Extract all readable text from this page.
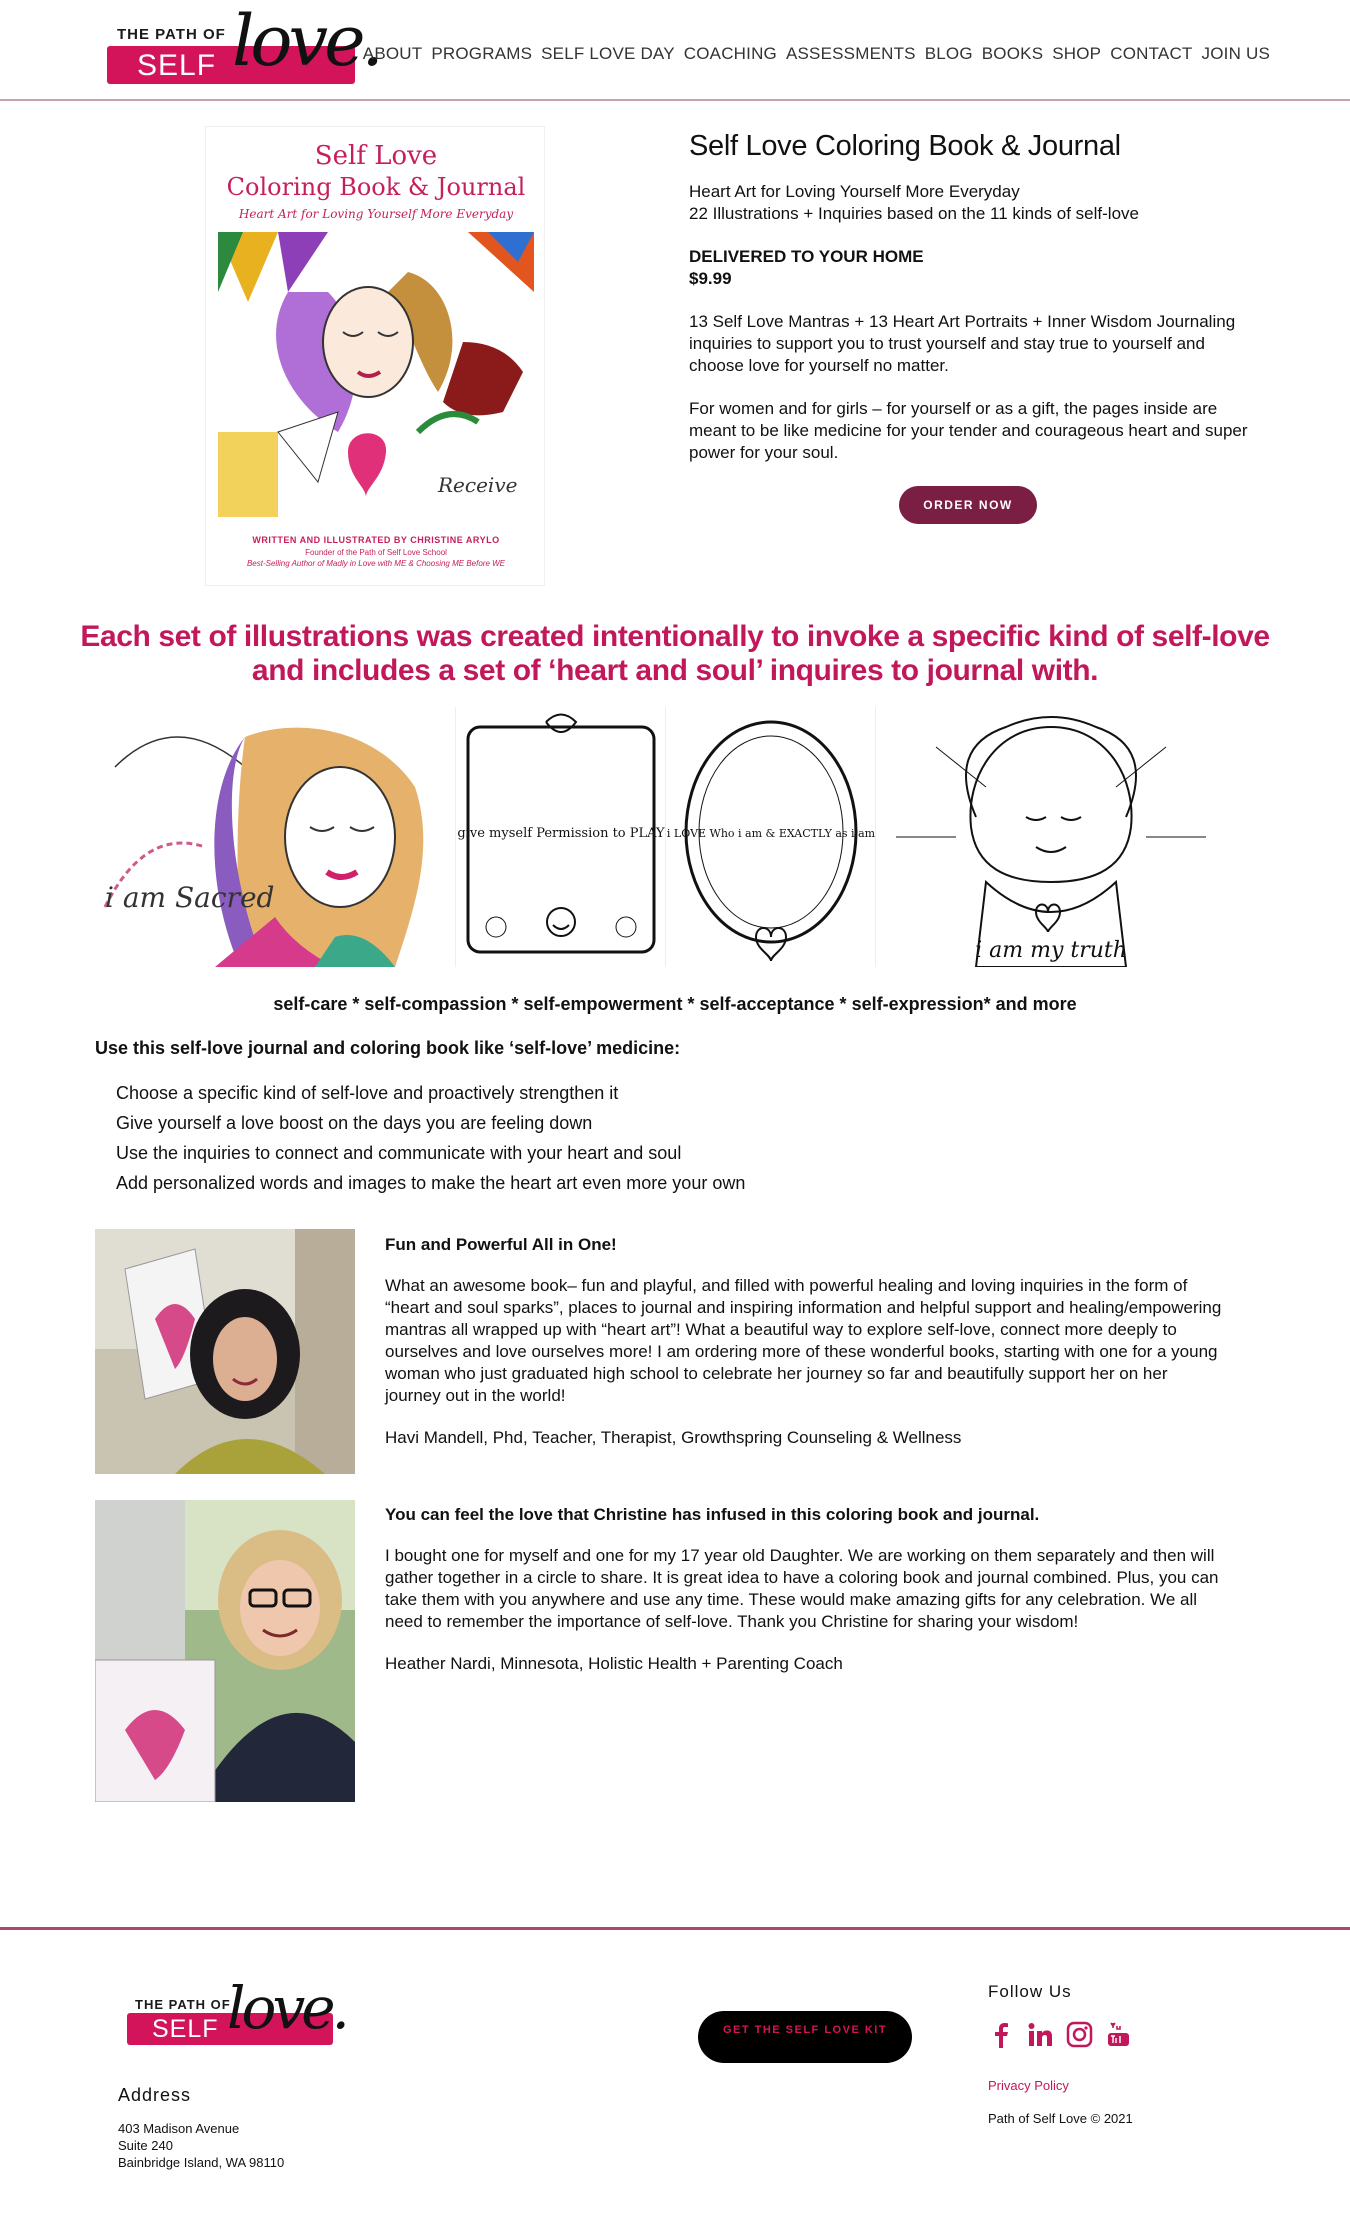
THE PATH OF
SELF love.
ABOUT PROGRAMS SELF LOVE DAY COACHING ASSESSMENTS BLOG BOOKS SHOP CONTACT JOIN US
Self Love
Coloring Book & Journal
Heart Art for Loving Yourself More Everyday
Receive
WRITTEN AND ILLUSTRATED BY CHRISTINE ARYLO
Founder of the Path of Self Love School
Best-Selling Author of Madly in Love with ME & Choosing ME Before WE
Self Love Coloring Book & Journal

Heart Art for Loving Yourself More Everyday

22 Illustrations + Inquiries based on the 11 kinds of self-love

DELIVERED TO YOUR HOME

$9.99

13 Self Love Mantras + 13 Heart Art Portraits + Inner Wisdom Journaling inquiries to support you to trust yourself and stay true to yourself and choose love for yourself no matter.

For women and for girls – for yourself or as a gift, the pages inside are meant to be like medicine for your tender and courageous heart and super power for your soul.

ORDER NOW
Each set of illustrations was created intentionally to invoke a specific kind of self-love and includes a set of ‘heart and soul’ inquires to journal with.
i am Sacred
give myself Permission to PLAY i LOVE Who i am & EXACTLY as i am
i am my truth
self-care * self-compassion * self-empowerment * self-acceptance * self-expression* and more
Use this self-love journal and coloring book like ‘self-love’ medicine:
Choose a specific kind of self-love and proactively strengthen it
Give yourself a love boost on the days you are feeling down
Use the inquiries to connect and communicate with your heart and soul
Add personalized words and images to make the heart art even more your own
Fun and Powerful All in One!

What an awesome book– fun and playful, and filled with powerful healing and loving inquiries in the form of “heart and soul sparks”, places to journal and inspiring information and helpful support and healing/empowering mantras all wrapped up with “heart art”! What a beautiful way to explore self-love, connect more deeply to ourselves and love ourselves more! I am ordering more of these wonderful books, starting with one for a young woman who just graduated high school to celebrate her journey so far and beautifully support her on her journey out in the world!

Havi Mandell, Phd, Teacher, Therapist, Growthspring Counseling & Wellness

You can feel the love that Christine has infused in this coloring book and journal.

I bought one for myself and one for my 17 year old Daughter. We are working on them separately and then will gather together in a circle to share. It is great idea to have a coloring book and journal combined. Plus, you can take them with you anywhere and use any time. These would make amazing gifts for any celebration. We all need to remember the importance of self-love. Thank you Christine for sharing your wisdom!

Heather Nardi, Minnesota, Holistic Health + Parenting Coach

THE PATH OF
SELF love.
Address
403 Madison Avenue
Suite 240
Bainbridge Island, WA 98110
GET THE SELF LOVE KIT
Follow Us
Privacy Policy
Path of Self Love © 2021
